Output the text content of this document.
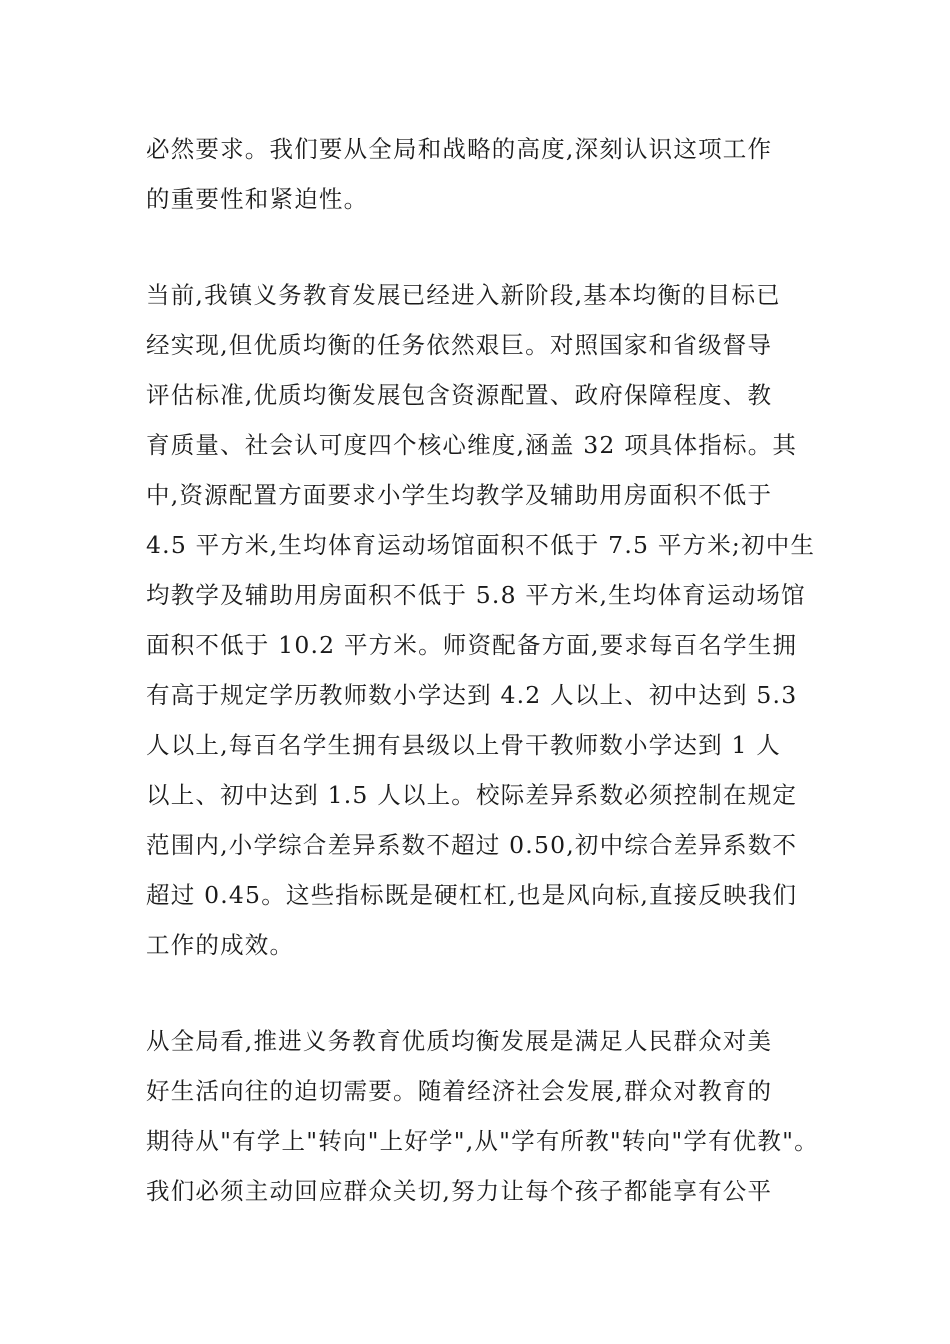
必然要求。我们要从全局和战略的高度,深刻认识这项工作
的重要性和紧迫性。

当前,我镇义务教育发展已经进入新阶段,基本均衡的目标已
经实现,但优质均衡的任务依然艰巨。对照国家和省级督导
评估标准,优质均衡发展包含资源配置、政府保障程度、教
育质量、社会认可度四个核心维度,涵盖 32 项具体指标。其
中,资源配置方面要求小学生均教学及辅助用房面积不低于
4.5 平方米,生均体育运动场馆面积不低于 7.5 平方米;初中生
均教学及辅助用房面积不低于 5.8 平方米,生均体育运动场馆
面积不低于 10.2 平方米。师资配备方面,要求每百名学生拥
有高于规定学历教师数小学达到 4.2 人以上、初中达到 5.3
人以上,每百名学生拥有县级以上骨干教师数小学达到 1 人
以上、初中达到 1.5 人以上。校际差异系数必须控制在规定
范围内,小学综合差异系数不超过 0.50,初中综合差异系数不
超过 0.45。这些指标既是硬杠杠,也是风向标,直接反映我们
工作的成效。

从全局看,推进义务教育优质均衡发展是满足人民群众对美
好生活向往的迫切需要。随着经济社会发展,群众对教育的
期待从"有学上"转向"上好学",从"学有所教"转向"学有优教"。
我们必须主动回应群众关切,努力让每个孩子都能享有公平
